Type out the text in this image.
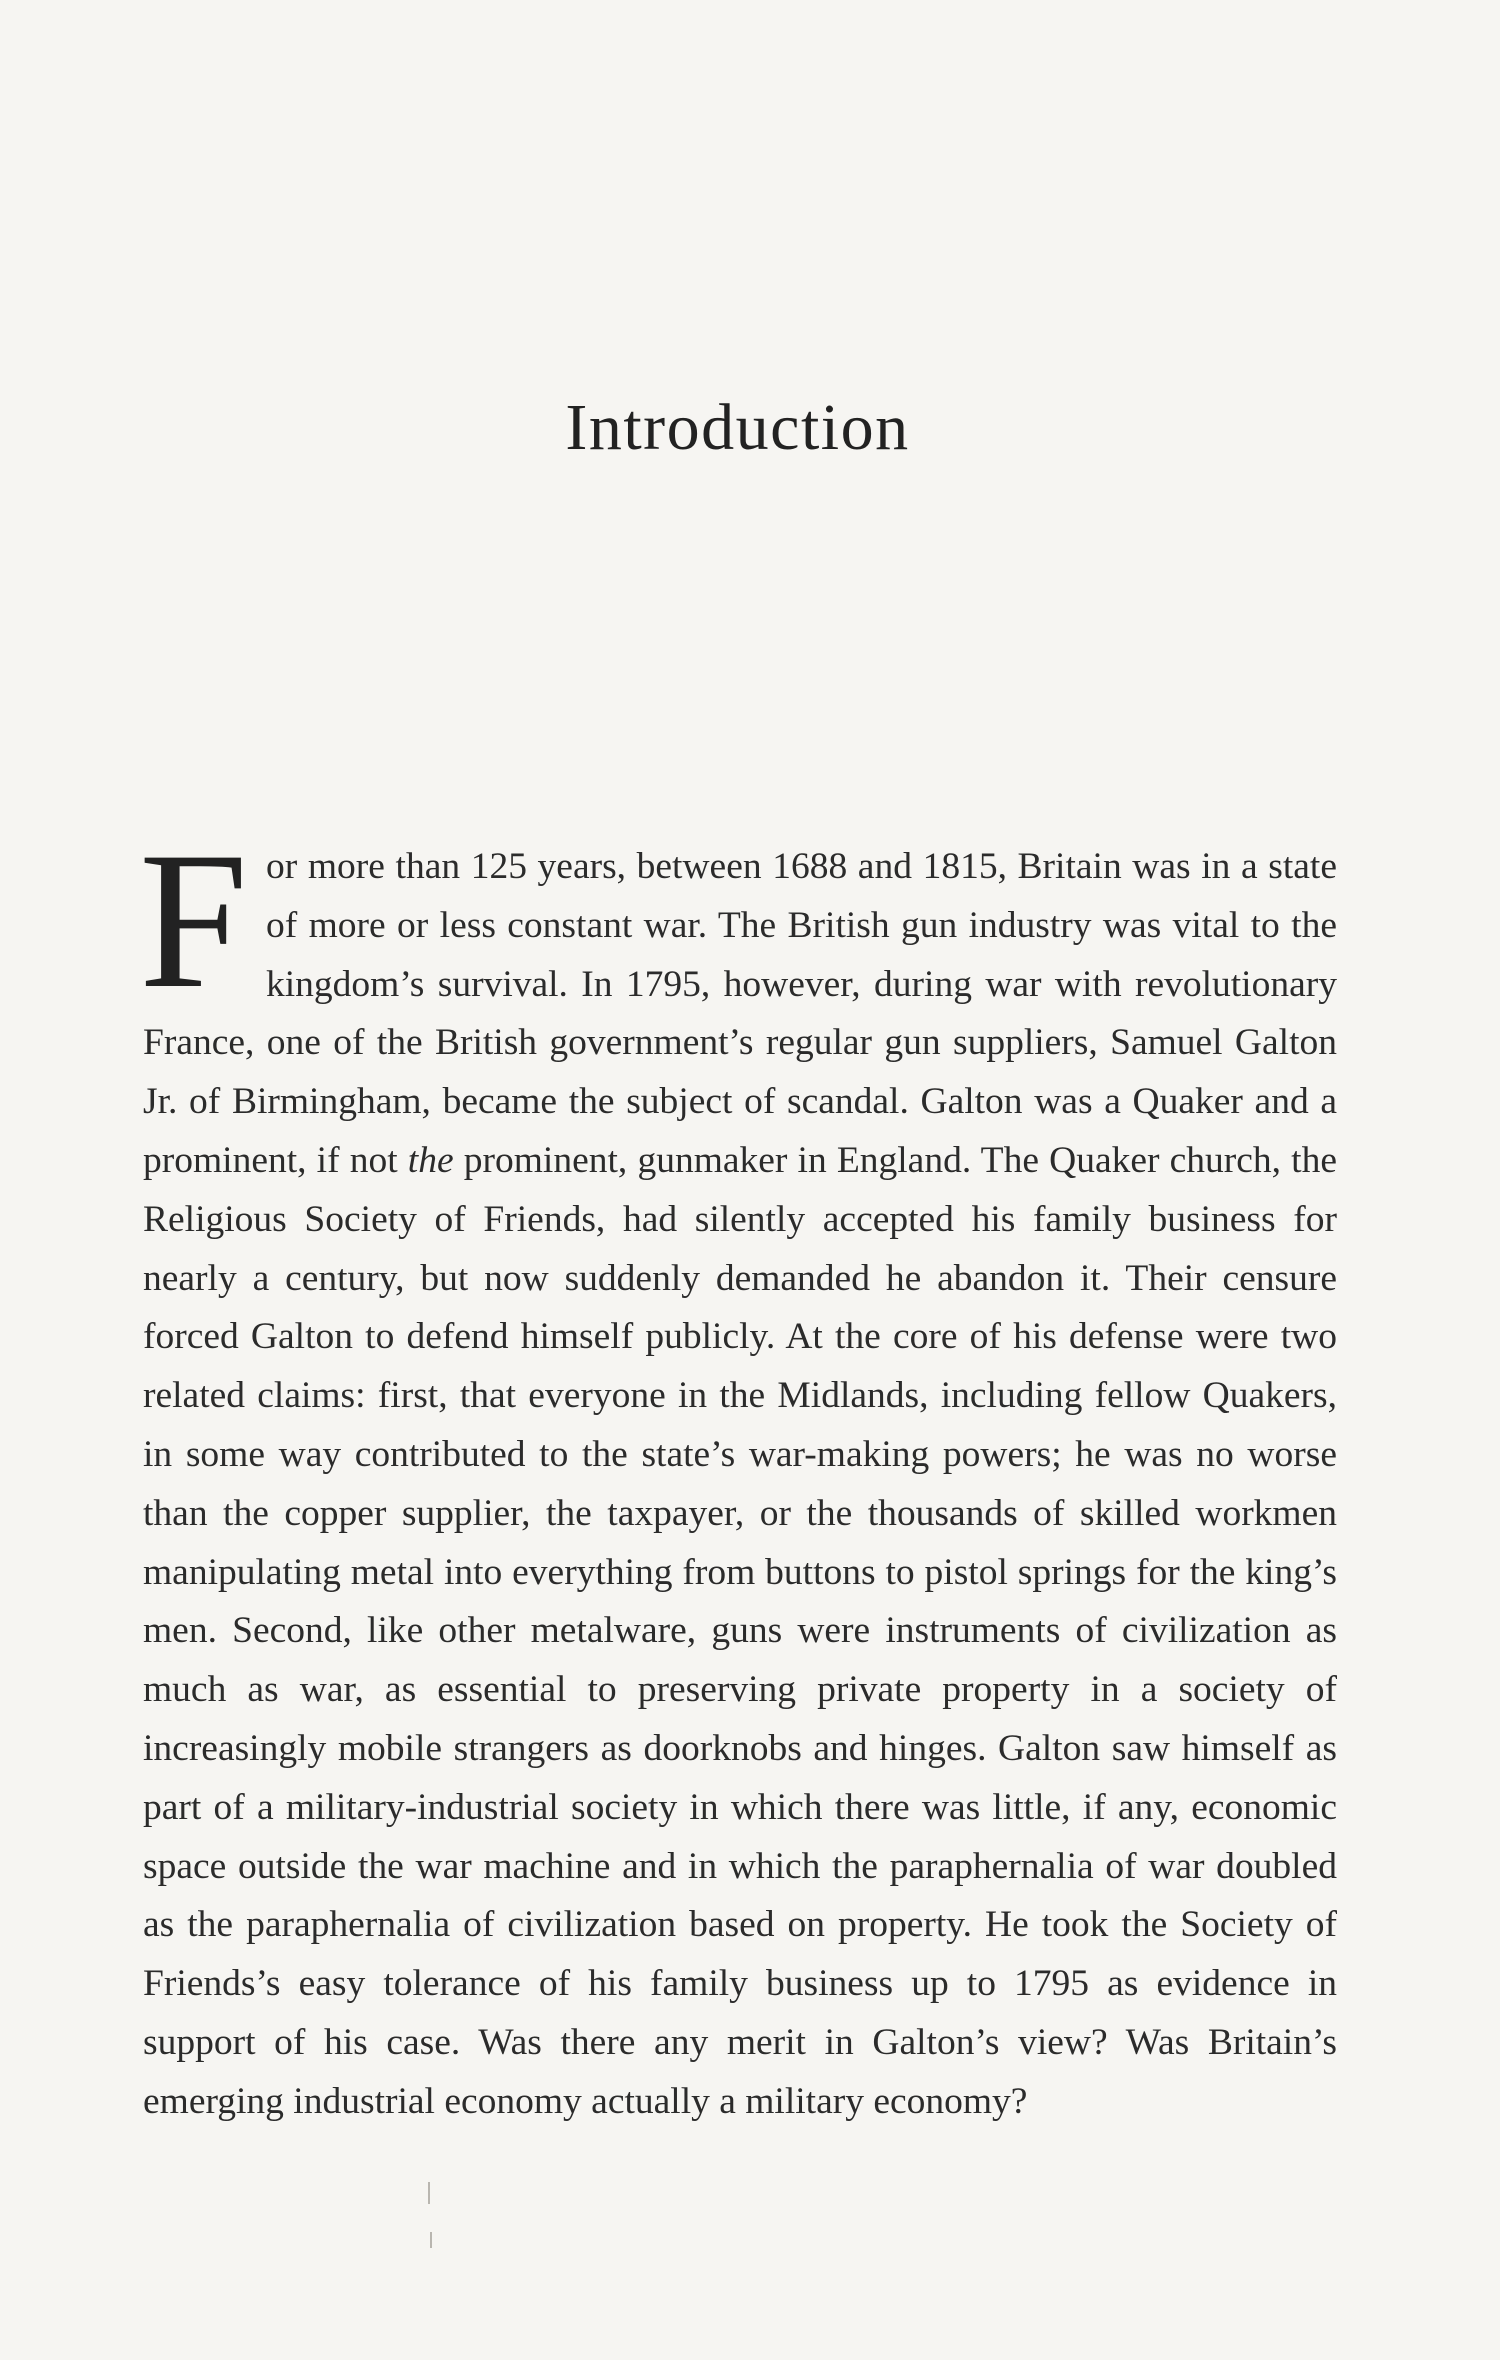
Introduction

For more than 125 years, between 1688 and 1815, Britain was in a state of more or less constant war. The British gun industry was vital to the kingdom’s survival. In 1795, however, during war with revolutionary France, one of the British government’s regular gun suppliers, Samuel Galton Jr. of Birmingham, became the subject of scandal. Galton was a Quaker and a prominent, if not the prominent, gunmaker in England. The Quaker church, the Religious Society of Friends, had silently accepted his family business for nearly a century, but now suddenly demanded he abandon it. Their censure forced Galton to defend himself publicly. At the core of his defense were two related claims: first, that everyone in the Midlands, including fellow Quakers, in some way contributed to the state’s war-making powers; he was no worse than the copper supplier, the taxpayer, or the thousands of skilled workmen manipulating metal into everything from buttons to pistol springs for the king’s men. Second, like other metalware, guns were instruments of civilization as much as war, as essential to preserving private property in a society of increasingly mobile strangers as doorknobs and hinges. Galton saw himself as part of a military-industrial society in which there was little, if any, economic space outside the war machine and in which the paraphernalia of war doubled as the paraphernalia of civilization based on property. He took the Society of Friends’s easy tolerance of his family business up to 1795 as evidence in support of his case. Was there any merit in Galton’s view? Was Britain’s emerging industrial economy actually a military economy?
